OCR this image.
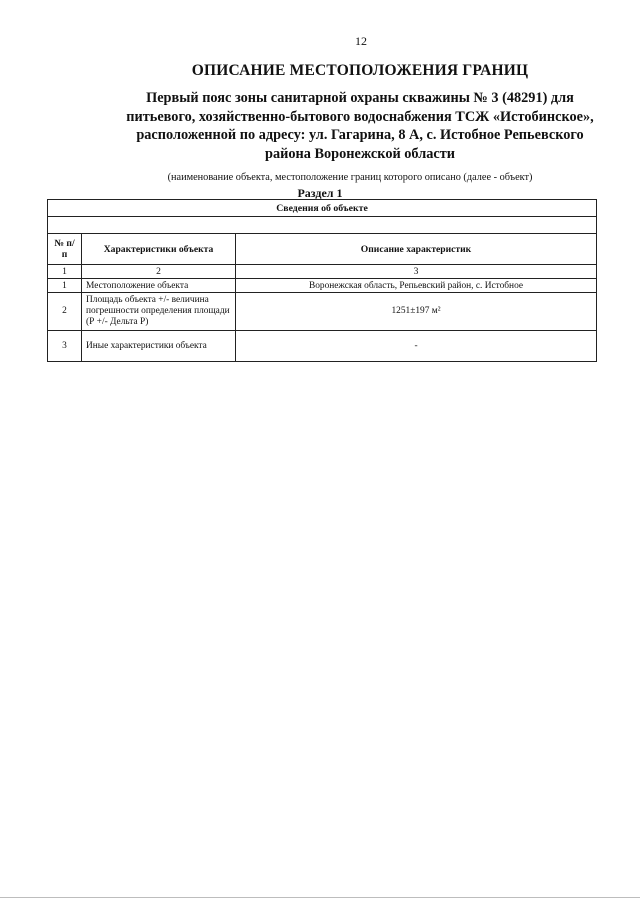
12
ОПИСАНИЕ МЕСТОПОЛОЖЕНИЯ ГРАНИЦ
Первый пояс зоны санитарной охраны скважины № 3 (48291) для
питьевого, хозяйственно-бытового водоснабжения ТСЖ «Истобинское»,
расположенной по адресу: ул. Гагарина, 8 А, с. Истобное Репьевского
района Воронежской области
(наименование объекта, местоположение границ которого описано (далее - объект)
Раздел 1
Сведения об объекте		

№ п/п	Характеристики объекта	Описание характеристик
1	2	3
1	Местоположение объекта	Воронежская область, Репьевский район, с. Истобное
2	Площадь объекта +/- величина погрешности определения площади (Р +/- Дельта Р)	1251±197 м²
3	Иные характеристики объекта	-
